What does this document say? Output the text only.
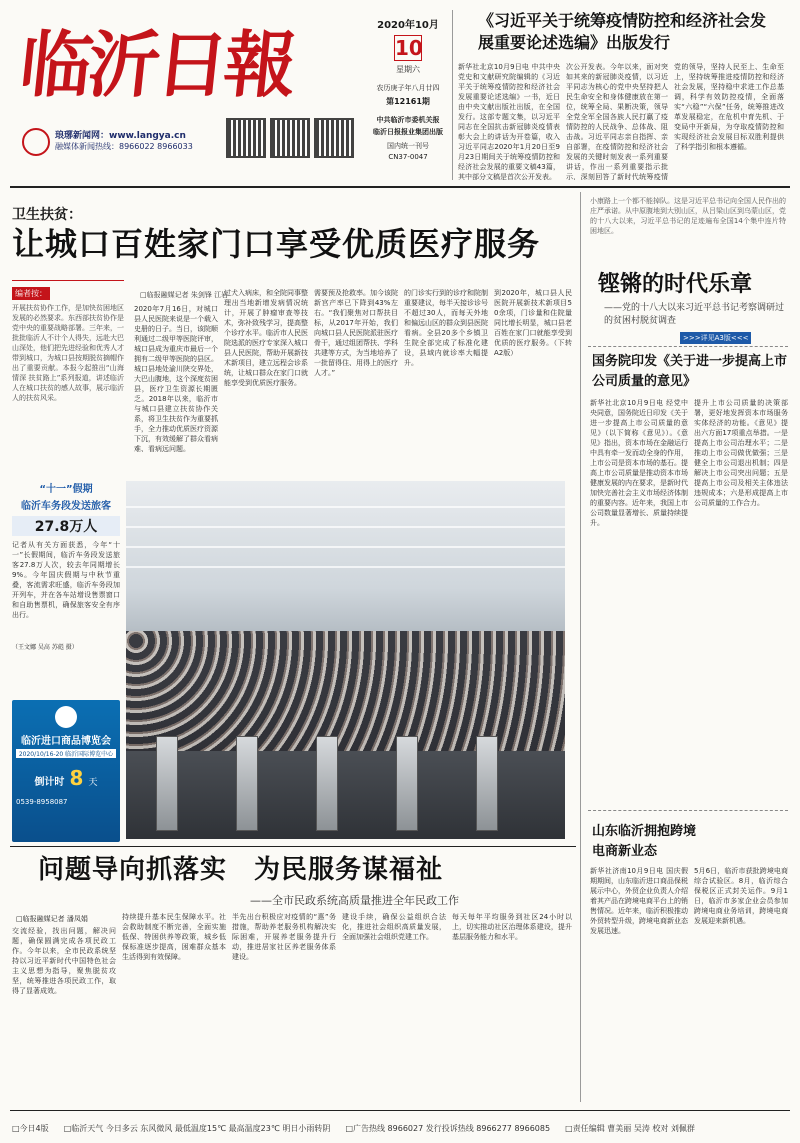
临沂日報
琅琊新闻网：www.langya.cn
融媒体新闻热线：8966022 8966033
2020年10月
10
星期六
农历庚子年八月廿四
第12161期
中共临沂市委机关报
临沂日报报业集团出版
国内统一刊号
CN37-0047
《习近平关于统筹疫情防控和经济社会发展重要论述选编》出版发行
新华社北京10月9日电 中共中央党史和文献研究院编辑的《习近平关于统筹疫情防控和经济社会发展重要论述选编》一书，近日由中央文献出版社出版，在全国发行。这部专题文集，以习近平同志在全国抗击新冠肺炎疫情表彰大会上的讲话为开卷篇，收入习近平同志2020年1月20日至9月23日期间关于统筹疫情防控和经济社会发展的重要文稿43篇，其中部分文稿是首次公开发表。
次公开发表。今年以来，面对突如其来的新冠肺炎疫情，以习近平同志为核心的党中央坚持把人民生命安全和身体健康放在第一位，统筹全局、果断决策，领导全党全军全国各族人民打赢了疫情防控的人民战争、总体战、阻击战。习近平同志亲自指挥、亲自部署，在疫情防控和经济社会发展的关键时刻发表一系列重要讲话，作出一系列重要指示批示，深刻回答了新时代统筹疫情
党的领导，坚持人民至上、生命至上，坚持统筹推进疫情防控和经济社会发展，坚持稳中求进工作总基调，科学有效防控疫情，全面落实“六稳”“六保”任务，统筹推进改革发展稳定，在危机中育先机、于变局中开新局，为夺取疫情防控和实现经济社会发展目标双胜利提供了科学指引和根本遵循。
卫生扶贫：
让城口百姓家门口享受优质医疗服务
编者按：
开展扶贫协作工作，是加快贫困地区发展的必然要求。东西部扶贫协作是党中央的重要战略部署。三年来，一批批临沂人不计个人得失，远赴大巴山深处，他们把先进经验和优秀人才带到城口，为城口县按期脱贫摘帽作出了重要贡献。本报今起推出“山海情深 扶贫路上”系列报道，讲述临沂人在城口扶贫的感人故事，展示临沂人的扶贫风采。
□临报融媒记者 朱剑锋 江岩
2020年7月16日，对城口县人民医院来说是一个载入史册的日子。当日，该院顺利通过二级甲等医院评审，城口县成为重庆市最后一个拥有二级甲等医院的县区。城口县地处渝川陕交界处，大巴山腹地，这个深度贫困县，医疗卫生资源长期匮乏。2018年以来，临沂市与城口县建立扶贫协作关系，将卫生扶贫作为重要抓手，全力推动优质医疗资源下沉，有效缓解了群众看病难、看病远问题。
过犬入病床，和全院同事整理出当地新增发病情况统计，开展了肿瘤审查等技术，弥补致残学习，提高整个诊疗水平。临沂市人民医院选派的医疗专家深入城口县人民医院，帮助开展新技术新项目，建立远程会诊系统，让城口群众在家门口就能享受到优质医疗服务。
需要预及抢救率。加今该院新宫产率已下降到43%左右。“我们聚焦对口帮扶目标，从2017年开始，我们向城口县人民医院派驻医疗骨干，通过组团帮扶、学科共建等方式，为当地培养了一批留得住、用得上的医疗人才。”
的门诊实行到的诊疗和院制重要建议，每半天接诊诊号不超过30人，而每天外地和偏远山区的群众到县医院看病。全县20多个乡镇卫生院全部完成了标准化建设，县域内就诊率大幅提升。
到2020年，城口县人民医院开展新技术新项目50余项，门诊量和住院量同比增长明显，城口县老百姓在家门口就能享受到优质的医疗服务。（下转A2版）
“十一”假期
临沂车务段发送旅客
27.8万人
记者从有关方面获悉，今年“十一”长假期间，临沂车务段发送旅客27.8万人次，较去年同期增长9%。今年国庆假期与中秋节重叠，客流需求旺盛，临沂车务段加开列车，并在各车站增设售票窗口和自助售票机，确保旅客安全有序出行。
（王文娜 吴高 苏彪 摄）
临沂进口商品博览会
2020/10/16-20 临沂国际博览中心
倒计时 8 天
0539-8958087
小康路上一个都不能掉队。这是习近平总书记向全国人民作出的庄严承诺。从中原腹地到大别山区，从吕梁山区到乌蒙山区，党的十八大以来，习近平总书记的足迹遍布全国14个集中连片特困地区。
铿锵的时代乐章
——党的十八大以来习近平总书记考察调研过的贫困村脱贫调查
>>>详见A3版<<<
国务院印发《关于进一步提高上市公司质量的意见》
新华社北京10月9日电 经党中央同意，国务院近日印发《关于进一步提高上市公司质量的意见》（以下简称《意见》）。《意见》指出，资本市场在金融运行中具有牵一发而动全身的作用，上市公司是资本市场的基石。提高上市公司质量是推动资本市场健康发展的内在要求，是新时代加快完善社会主义市场经济体制的重要内容。近年来，我国上市公司数量显著增长、质量持续提升。
提升上市公司质量的决策部署，更好地发挥资本市场服务实体经济的功能。《意见》提出六方面17项重点举措。一是提高上市公司治理水平；二是推动上市公司做优做强；三是健全上市公司退出机制；四是解决上市公司突出问题；五是提高上市公司及相关主体违法违规成本；六是形成提高上市公司质量的工作合力。
山东临沂拥抱跨境电商新业态
新华社济南10月9日电 国庆假期期间，山东临沂进口商品保税展示中心，外贸企业负责人介绍着其产品在跨境电商平台上的销售情况。近年来，临沂积极推动外贸转型升级，跨境电商新业态发展迅速。
5月6日，临沂市获批跨境电商综合试验区。8月，临沂综合保税区正式封关运作。9月1日，临沂市多家企业会员参加跨境电商业务培训，跨境电商发展迎来新机遇。
问题导向抓落实　为民服务谋福祉
——全市民政系统高质量推进全年民政工作
□临报融媒记者 潘凤娟
交流经验，找出问题，解决问题，确保圆满完成各项民政工作。今年以来，全市民政系统坚持以习近平新时代中国特色社会主义思想为指导，聚焦脱贫攻坚，统筹推进各项民政工作，取得了显著成效。
持续提升基本民生保障水平。社会救助制度不断完善，全面实施低保、特困供养等政策，城乡低保标准逐步提高，困难群众基本生活得到有效保障。
半先出台积极应对疫情的“惠”务措施，帮助养老服务机构解决实际困难，开展养老服务提升行动，推进居家社区养老服务体系建设。
建设手续，确保公益组织合法化，推进社会组织高质量发展，全面加强社会组织党建工作。
每天每年平均服务到社区24小时以上，切实推动社区治理体系建设，提升基层服务能力和水平。
□今日4版 □临沂天气 今日多云 东风微风 最低温度15℃ 最高温度23℃ 明日小雨转阴 □广告热线 8966027 发行投诉热线 8966277 8966085 □责任编辑 曹美丽 吴涛 校对 刘佩群
